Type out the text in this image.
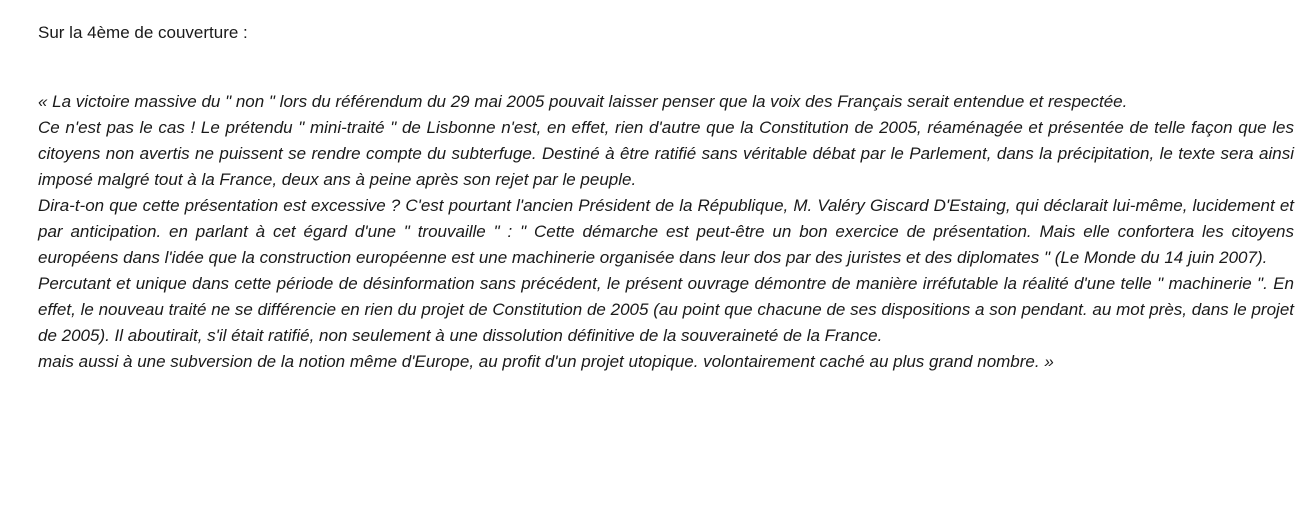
Sur la 4ème de couverture :

« La victoire massive du " non " lors du référendum du 29 mai 2005 pouvait laisser penser que la voix des Français serait entendue et respectée.

Ce n'est pas le cas ! Le prétendu " mini-traité " de Lisbonne n'est, en effet, rien d'autre que la Constitution de 2005, réaménagée et présentée de telle façon que les citoyens non avertis ne puissent se rendre compte du subterfuge. Destiné à être ratifié sans véritable débat par le Parlement, dans la précipitation, le texte sera ainsi imposé malgré tout à la France, deux ans à peine après son rejet par le peuple.

Dira-t-on que cette présentation est excessive ? C'est pourtant l'ancien Président de la République, M. Valéry Giscard D'Estaing, qui déclarait lui-même, lucidement et par anticipation. en parlant à cet égard d'une " trouvaille " : " Cette démarche est peut-être un bon exercice de présentation. Mais elle confortera les citoyens européens dans l'idée que la construction européenne est une machinerie organisée dans leur dos par des juristes et des diplomates " (Le Monde du 14 juin 2007).

Percutant et unique dans cette période de désinformation sans précédent, le présent ouvrage démontre de manière irréfutable la réalité d'une telle " machinerie ". En effet, le nouveau traité ne se différencie en rien du projet de Constitution de 2005 (au point que chacune de ses dispositions a son pendant. au mot près, dans le projet de 2005). Il aboutirait, s'il était ratifié, non seulement à une dissolution définitive de la souveraineté de la France.

mais aussi à une subversion de la notion même d'Europe, au profit d'un projet utopique. volontairement caché au plus grand nombre. »
